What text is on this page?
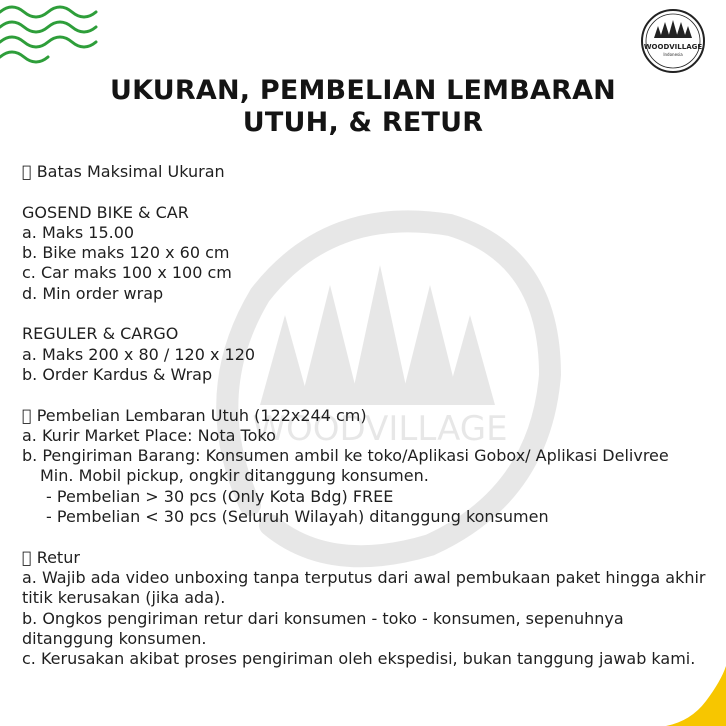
WOODVILLAGE
Indonesia
WOODVILLAGE
UKURAN, PEMBELIAN LEMBARAN
UTUH, & RETUR
  Batas Maksimal Ukuran
GOSEND BIKE & CAR
a. Maks 15.00
b. Bike maks 120 x 60 cm
c. Car maks 100 x 100 cm
d. Min order wrap
REGULER & CARGO
a. Maks 200 x 80 / 120 x 120
b. Order Kardus & Wrap
  Pembelian Lembaran Utuh (122x244 cm)
a. Kurir Market Place: Nota Toko
b. Pengiriman Barang: Konsumen ambil ke toko/Aplikasi Gobox/ Aplikasi Delivree
Min. Mobil pickup, ongkir ditanggung konsumen.
- Pembelian > 30 pcs (Only Kota Bdg) FREE
- Pembelian < 30 pcs (Seluruh Wilayah) ditanggung konsumen
  Retur
a. Wajib ada video unboxing tanpa terputus dari awal pembukaan paket hingga akhir titik kerusakan (jika ada).
b. Ongkos pengiriman retur dari konsumen - toko - konsumen, sepenuhnya ditanggung konsumen.
c. Kerusakan akibat proses pengiriman oleh ekspedisi, bukan tanggung jawab kami.
